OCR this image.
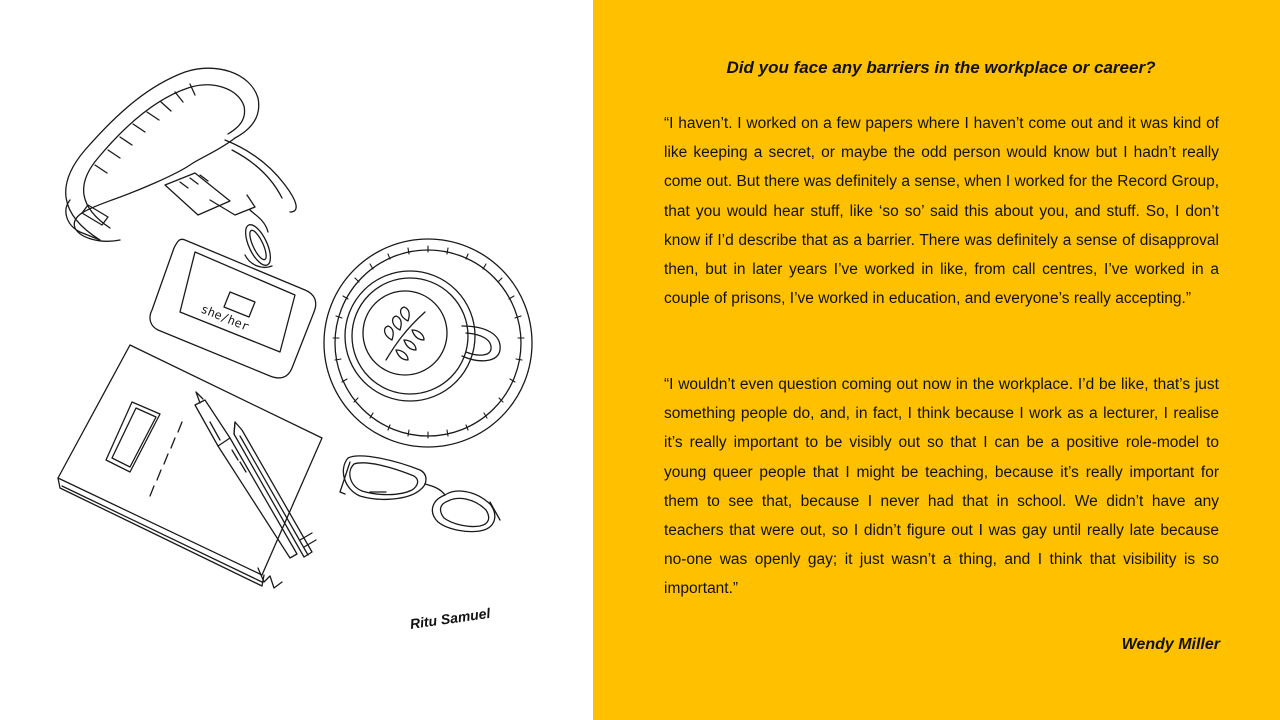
she/her
Ritu Samuel
Did you face any barriers in the workplace or career?

“I haven’t. I worked on a few papers where I haven’t come out and it was kind of like keeping a secret, or maybe the odd person would know but I hadn’t really come out. But there was definitely a sense, when I worked for the Record Group, that you would hear stuff, like ‘so so’ said this about you, and stuff. So, I don’t know if I’d describe that as a barrier. There was definitely a sense of disapproval then, but in later years I’ve worked in like, from call centres, I’ve worked in a couple of prisons, I’ve worked in education, and everyone’s really accepting.”

“I wouldn’t even question coming out now in the workplace. I’d be like, that’s just something people do, and, in fact, I think because I work as a lecturer, I realise it’s really important to be visibly out so that I can be a positive role-model to young queer people that I might be teaching, because it’s really important for them to see that, because I never had that in school. We didn’t have any teachers that were out, so I didn’t figure out I was gay until really late because no-one was openly gay; it just wasn’t a thing, and I think that visibility is so important.”

Wendy Miller
